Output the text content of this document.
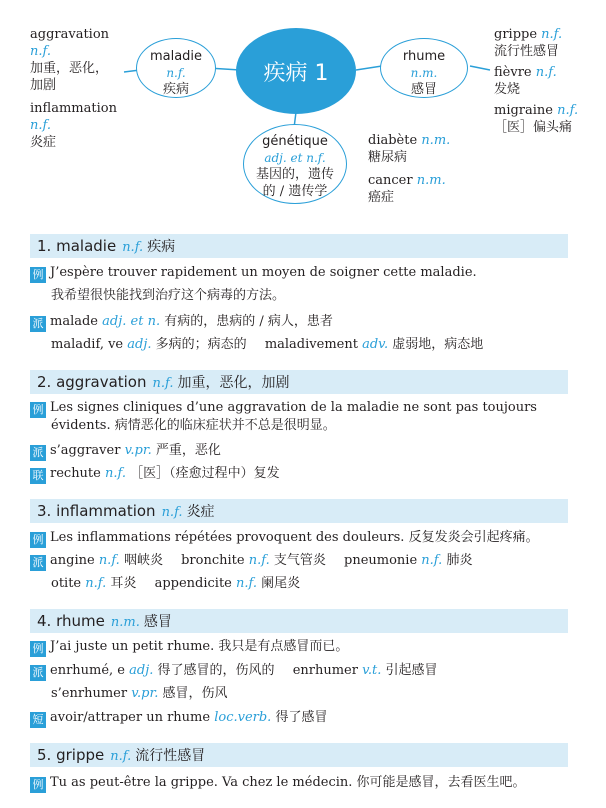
疾病 1
maladie
n.f.
疾病
rhume
n.m.
感冒
génétique
adj. et n.f.
基因的，遗传
的 / 遗传学
aggravation
n.f.
加重，恶化，
加剧
inflammation
n.f.
炎症
grippe n.f.
流行性感冒
fièvre n.f.
发烧
migraine n.f.
［医］偏头痛
diabète n.m.
糖尿病
cancer n.m.
癌症
1. maladie n.f. 疾病
例 J’espère trouver rapidement un moyen de soigner cette maladie.
我希望很快能找到治疗这个病毒的方法。
派 malade adj. et n. 有病的，患病的 / 病人，患者
maladif, ve adj. 多病的；病态的 maladivement adv. 虚弱地，病态地
2. aggravation n.f. 加重，恶化，加剧
例 Les signes cliniques d’une aggravation de la maladie ne sont pas toujours
évidents. 病情恶化的临床症状并不总是很明显。
派 s’aggraver v.pr. 严重，恶化
联 rechute n.f. ［医］（痊愈过程中）复发
3. inflammation n.f. 炎症
例 Les inflammations répétées provoquent des douleurs. 反复发炎会引起疼痛。
派 angine n.f. 咽峡炎 bronchite n.f. 支气管炎 pneumonie n.f. 肺炎
otite n.f. 耳炎 appendicite n.f. 阑尾炎
4. rhume n.m. 感冒
例 J’ai juste un petit rhume. 我只是有点感冒而已。
派 enrhumé, e adj. 得了感冒的，伤风的 enrhumer v.t. 引起感冒
s’enrhumer v.pr. 感冒，伤风
短 avoir/attraper un rhume loc.verb. 得了感冒
5. grippe n.f. 流行性感冒
例 Tu as peut-être la grippe. Va chez le médecin. 你可能是感冒，去看医生吧。
